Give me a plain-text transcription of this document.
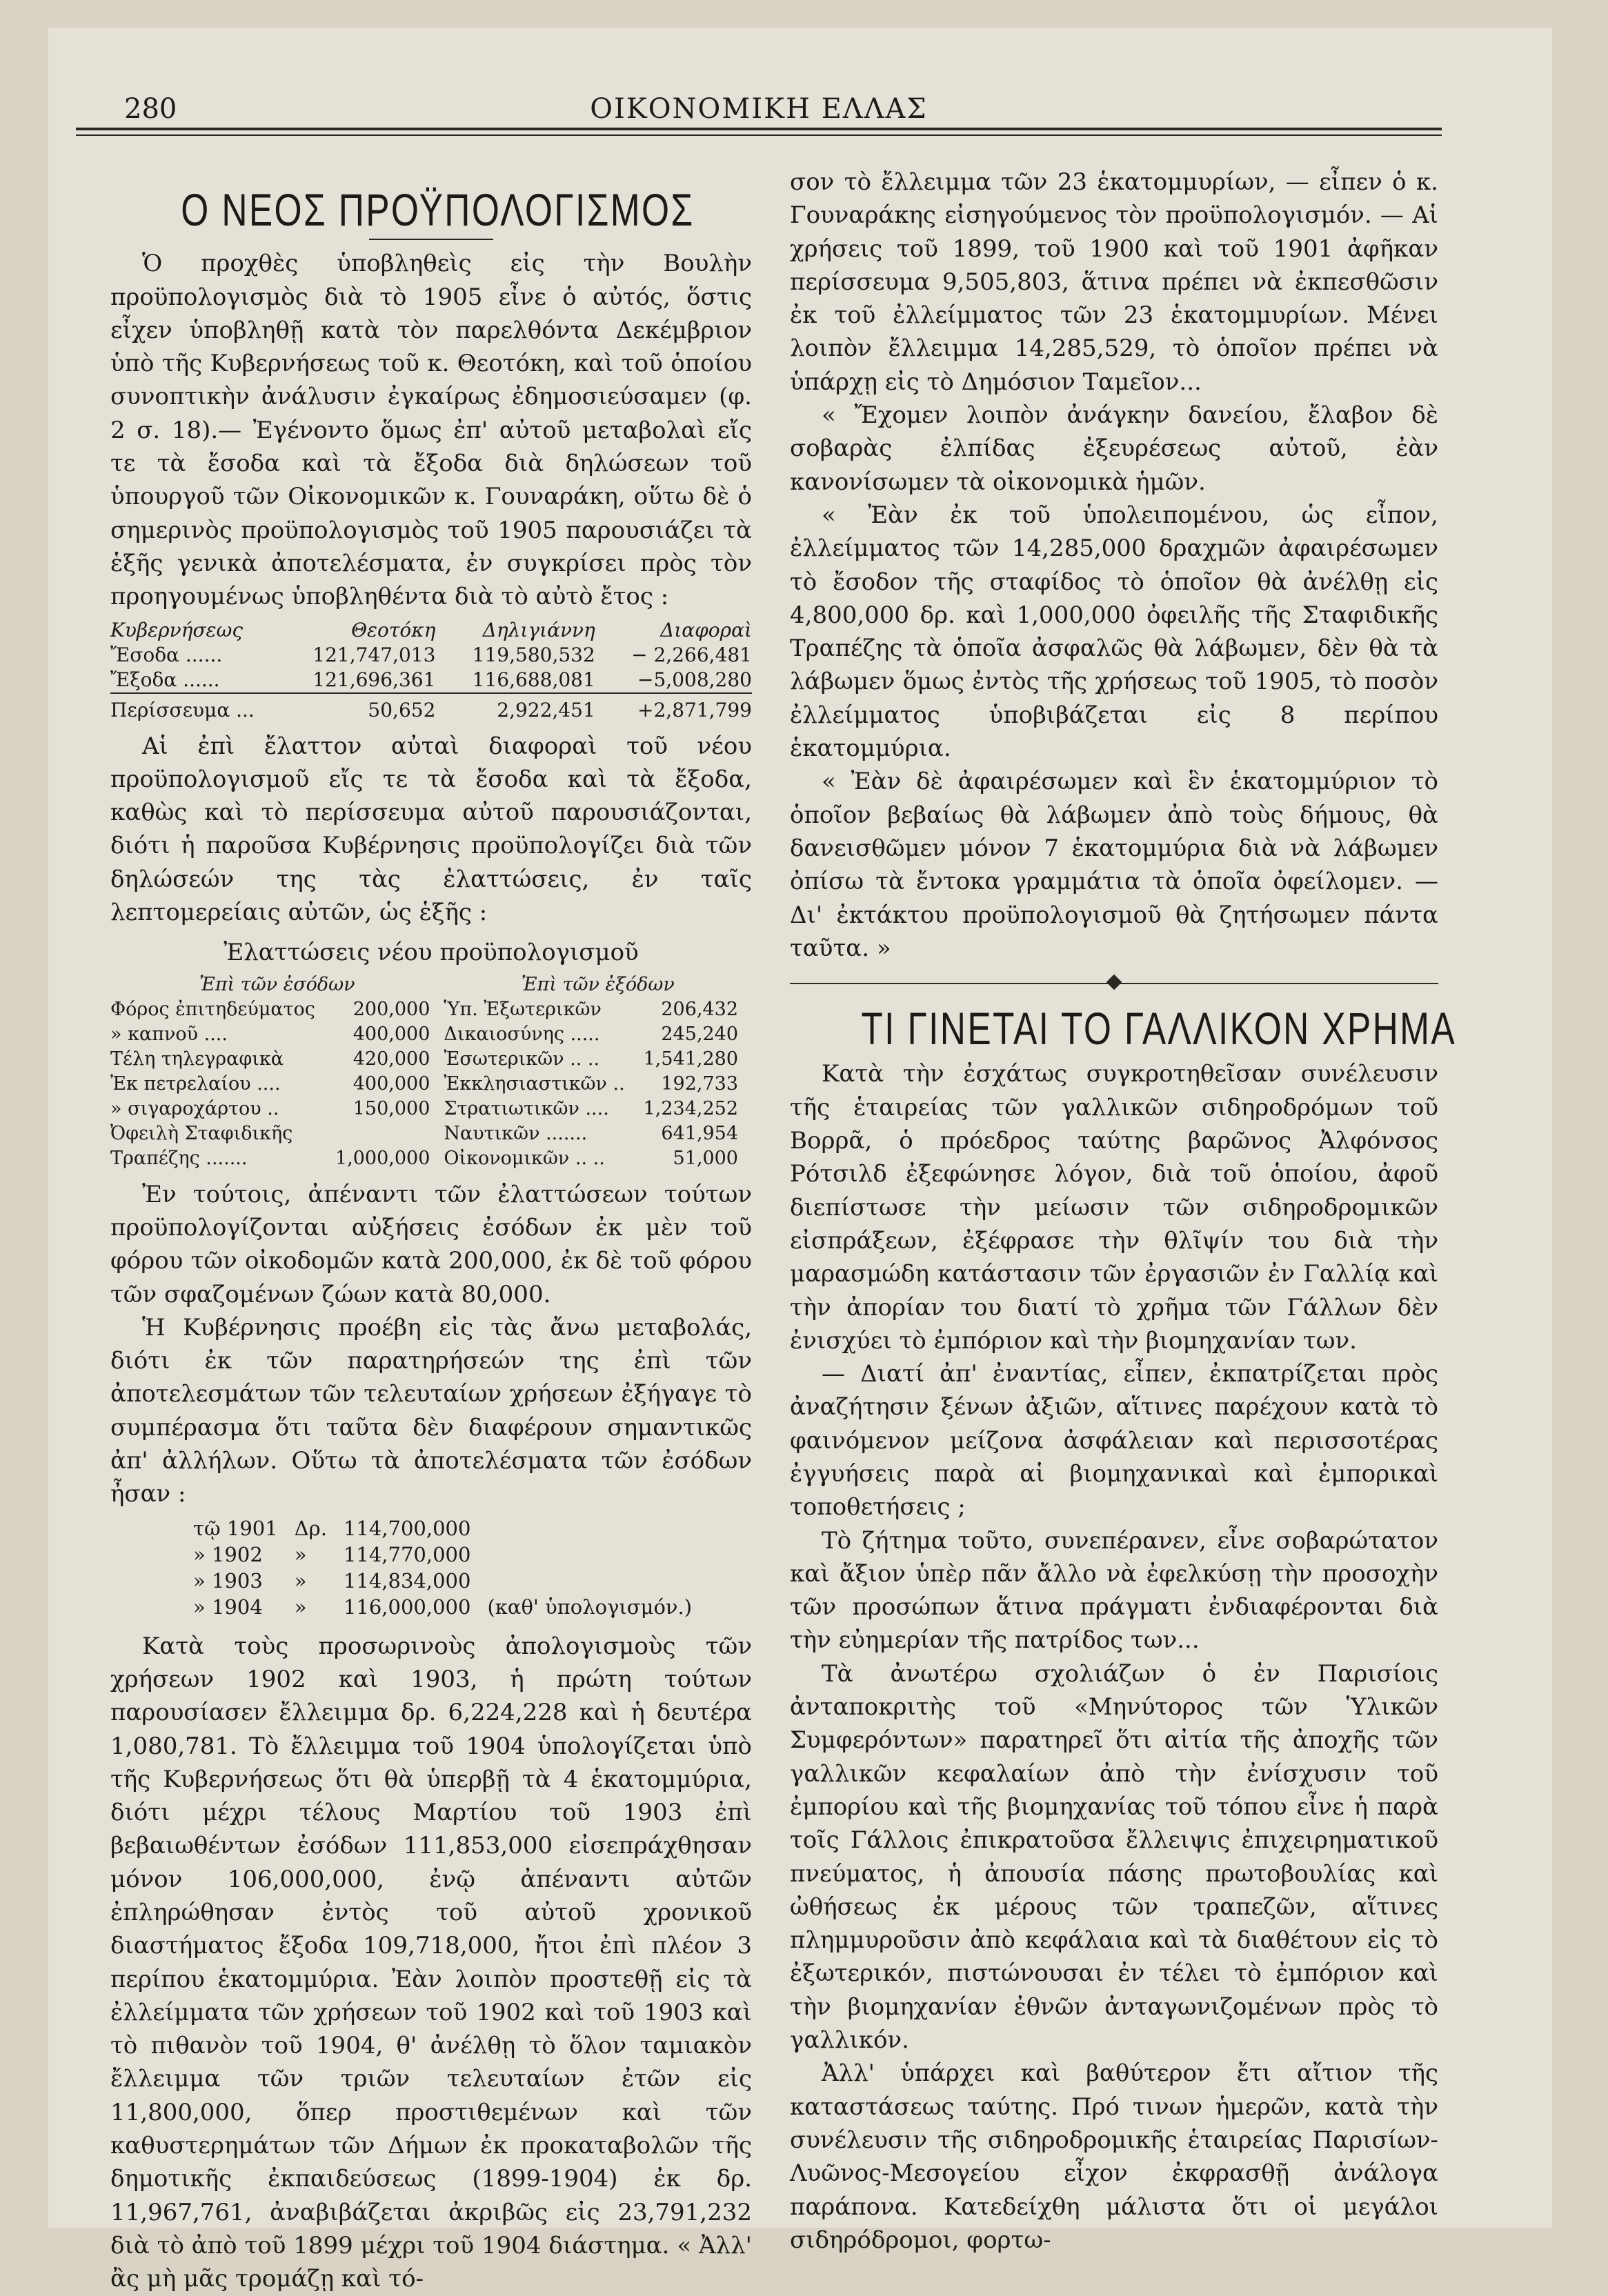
280	ΟΙΚΟΝΟΜΙΚΗ ΕΛΛΑΣ
Ο ΝΕΟΣ ΠΡΟΫΠΟΛΟΓΙΣΜΟΣ

Ὁ προχθὲς ὑποβληθεὶς εἰς τὴν Βουλὴν προϋπολογισμὸς διὰ τὸ 1905 εἶνε ὁ αὐτός, ὅστις εἶχεν ὑποβληθῇ κατὰ τὸν παρελθόντα Δεκέμβριον ὑπὸ τῆς Κυβερνήσεως τοῦ κ. Θεοτόκη, καὶ τοῦ ὁποίου συνοπτικὴν ἀνάλυσιν ἐγκαίρως ἐδημοσιεύσαμεν (φ. 2 σ. 18).— Ἐγένοντο ὅμως ἐπ' αὐτοῦ μεταβολαὶ εἴς τε τὰ ἔσοδα καὶ τὰ ἔξοδα διὰ δηλώσεων τοῦ ὑπουργοῦ τῶν Οἰκονομικῶν κ. Γουναράκη, οὕτω δὲ ὁ σημερινὸς προϋπολογισμὸς τοῦ 1905 παρουσιάζει τὰ ἑξῆς γενικὰ ἀποτελέσματα, ἐν συγκρίσει πρὸς τὸν προηγουμένως ὑποβληθέντα διὰ τὸ αὐτὸ ἔτος :

Κυβερνήσεως	Θεοτόκη	Δηλιγιάννη	Διαφοραὶ
Ἔσοδα ......	121,747,013	119,580,532	− 2,266,481
Ἔξοδα ......	121,696,361	116,688,081	−5,008,280
Περίσσευμα ...	50,652	2,922,451	+2,871,799

Αἱ ἐπὶ ἔλαττον αὐταὶ διαφοραὶ τοῦ νέου προϋπολογισμοῦ εἴς τε τὰ ἔσοδα καὶ τὰ ἔξοδα, καθὼς καὶ τὸ περίσσευμα αὐτοῦ παρουσιάζονται, διότι ἡ παροῦσα Κυβέρνησις προϋπολογίζει διὰ τῶν δηλώσεών της τὰς ἐλαττώσεις, ἐν ταῖς λεπτομερείαις αὐτῶν, ὡς ἑξῆς :

Ἐλαττώσεις νέου προϋπολογισμοῦ
Ἐπὶ τῶν ἐσόδων		Ἐπὶ τῶν ἐξόδων	
Φόρος ἐπιτηδεύματος	200,000	Ὑπ. Ἐξωτερικῶν	206,432
» καπνοῦ ....	400,000	Δικαιοσύνης .....	245,240
Τέλη τηλεγραφικὰ	420,000	Ἐσωτερικῶν .. ..	1,541,280
Ἐκ πετρελαίου ....	400,000	Ἐκκλησιαστικῶν ..	192,733
» σιγαροχάρτου ..	150,000	Στρατιωτικῶν ....	1,234,252
Ὀφειλὴ Σταφιδικῆς		Ναυτικῶν .......	641,954
Τραπέζης .......	1,000,000	Οἰκονομικῶν .. ..	51,000

Ἐν τούτοις, ἀπέναντι τῶν ἐλαττώσεων τούτων προϋπολογίζονται αὐξήσεις ἐσόδων ἐκ μὲν τοῦ φόρου τῶν οἰκοδομῶν κατὰ 200,000, ἐκ δὲ τοῦ φόρου τῶν σφαζομένων ζώων κατὰ 80,000.

Ἡ Κυβέρνησις προέβη εἰς τὰς ἄνω μεταβολάς, διότι ἐκ τῶν παρατηρήσεών της ἐπὶ τῶν ἀποτελεσμάτων τῶν τελευταίων χρήσεων ἐξήγαγε τὸ συμπέρασμα ὅτι ταῦτα δὲν διαφέρουν σημαντικῶς ἀπ' ἀλλήλων. Οὕτω τὰ ἀποτελέσματα τῶν ἐσόδων ἦσαν :

τῷ 1901	Δρ.	114,700,000	
» 1902	»	114,770,000	
» 1903	»	114,834,000	
» 1904	»	116,000,000	(καθ' ὑπολογισμόν.)

Κατὰ τοὺς προσωρινοὺς ἀπολογισμοὺς τῶν χρήσεων 1902 καὶ 1903, ἡ πρώτη τούτων παρουσίασεν ἔλλειμμα δρ. 6,224,228 καὶ ἡ δευτέρα 1,080,781. Τὸ ἔλλειμμα τοῦ 1904 ὑπολογίζεται ὑπὸ τῆς Κυβερνήσεως ὅτι θὰ ὑπερβῇ τὰ 4 ἑκατομμύρια, διότι μέχρι τέλους Μαρτίου τοῦ 1903 ἐπὶ βεβαιωθέντων ἐσόδων 111,853,000 εἰσεπράχθησαν μόνον 106,000,000, ἐνῷ ἀπέναντι αὐτῶν ἐπληρώθησαν ἐντὸς τοῦ αὐτοῦ χρονικοῦ διαστήματος ἔξοδα 109,718,000, ἤτοι ἐπὶ πλέον 3 περίπου ἑκατομμύρια. Ἐὰν λοιπὸν προστεθῇ εἰς τὰ ἐλλείμματα τῶν χρήσεων τοῦ 1902 καὶ τοῦ 1903 καὶ τὸ πιθανὸν τοῦ 1904, θ' ἀνέλθῃ τὸ ὅλον ταμιακὸν ἔλλειμμα τῶν τριῶν τελευταίων ἐτῶν εἰς 11,800,000, ὅπερ προστιθεμένων καὶ τῶν καθυστερημάτων τῶν Δήμων ἐκ προκαταβολῶν τῆς δημοτικῆς ἐκπαιδεύσεως (1899-1904) ἐκ δρ. 11,967,761, ἀναβιβάζεται ἀκριβῶς εἰς 23,791,232 διὰ τὸ ἀπὸ τοῦ 1899 μέχρι τοῦ 1904 διάστημα. « Ἀλλ' ἂς μὴ μᾶς τρομάζῃ καὶ τό-

σον τὸ ἔλλειμμα τῶν 23 ἑκατομμυρίων, — εἶπεν ὁ κ. Γουναράκης εἰσηγούμενος τὸν προϋπολογισμόν. — Αἱ χρήσεις τοῦ 1899, τοῦ 1900 καὶ τοῦ 1901 ἀφῆκαν περίσσευμα 9,505,803, ἅτινα πρέπει νὰ ἐκπεσθῶσιν ἐκ τοῦ ἐλλείμματος τῶν 23 ἑκατομμυρίων. Μένει λοιπὸν ἔλλειμμα 14,285,529, τὸ ὁποῖον πρέπει νὰ ὑπάρχῃ εἰς τὸ Δημόσιον Ταμεῖον...

« Ἔχομεν λοιπὸν ἀνάγκην δανείου, ἔλαβον δὲ σοβαρὰς ἐλπίδας ἐξευρέσεως αὐτοῦ, ἐὰν κανονίσωμεν τὰ οἰκονομικὰ ἡμῶν.

« Ἐὰν ἐκ τοῦ ὑπολειπομένου, ὡς εἶπον, ἐλλείμματος τῶν 14,285,000 δραχμῶν ἀφαιρέσωμεν τὸ ἔσοδον τῆς σταφίδος τὸ ὁποῖον θὰ ἀνέλθῃ εἰς 4,800,000 δρ. καὶ 1,000,000 ὀφειλῆς τῆς Σταφιδικῆς Τραπέζης τὰ ὁποῖα ἀσφαλῶς θὰ λάβωμεν, δὲν θὰ τὰ λάβωμεν ὅμως ἐντὸς τῆς χρήσεως τοῦ 1905, τὸ ποσὸν ἐλλείμματος ὑποβιβάζεται εἰς 8 περίπου ἑκατομμύρια.

« Ἐὰν δὲ ἀφαιρέσωμεν καὶ ἓν ἑκατομμύριον τὸ ὁποῖον βεβαίως θὰ λάβωμεν ἀπὸ τοὺς δήμους, θὰ δανεισθῶμεν μόνον 7 ἑκατομμύρια διὰ νὰ λάβωμεν ὀπίσω τὰ ἔντοκα γραμμάτια τὰ ὁποῖα ὀφείλομεν. — Δι' ἐκτάκτου προϋπολογισμοῦ θὰ ζητήσωμεν πάντα ταῦτα. »

ΤΙ ΓΙΝΕΤΑΙ ΤΟ ΓΑΛΛΙΚΟΝ ΧΡΗΜΑ

Κατὰ τὴν ἐσχάτως συγκροτηθεῖσαν συνέλευσιν τῆς ἑταιρείας τῶν γαλλικῶν σιδηροδρόμων τοῦ Βορρᾶ, ὁ πρόεδρος ταύτης βαρῶνος Ἀλφόνσος Ρότσιλδ ἐξεφώνησε λόγον, διὰ τοῦ ὁποίου, ἀφοῦ διεπίστωσε τὴν μείωσιν τῶν σιδηροδρομικῶν εἰσπράξεων, ἐξέφρασε τὴν θλῖψίν του διὰ τὴν μαρασμώδη κατάστασιν τῶν ἐργασιῶν ἐν Γαλλίᾳ καὶ τὴν ἀπορίαν του διατί τὸ χρῆμα τῶν Γάλλων δὲν ἐνισχύει τὸ ἐμπόριον καὶ τὴν βιομηχανίαν των.

— Διατί ἀπ' ἐναντίας, εἶπεν, ἐκπατρίζεται πρὸς ἀναζήτησιν ξένων ἀξιῶν, αἵτινες παρέχουν κατὰ τὸ φαινόμενον μείζονα ἀσφάλειαν καὶ περισσοτέρας ἐγγυήσεις παρὰ αἱ βιομηχανικαὶ καὶ ἐμπορικαὶ τοποθετήσεις ;

Τὸ ζήτημα τοῦτο, συνεπέρανεν, εἶνε σοβαρώτατον καὶ ἄξιον ὑπὲρ πᾶν ἄλλο νὰ ἐφελκύσῃ τὴν προσοχὴν τῶν προσώπων ἅτινα πράγματι ἐνδιαφέρονται διὰ τὴν εὐημερίαν τῆς πατρίδος των...

Τὰ ἀνωτέρω σχολιάζων ὁ ἐν Παρισίοις ἀνταποκριτὴς τοῦ «Μηνύτορος τῶν Ὑλικῶν Συμφερόντων» παρατηρεῖ ὅτι αἰτία τῆς ἀποχῆς τῶν γαλλικῶν κεφαλαίων ἀπὸ τὴν ἐνίσχυσιν τοῦ ἐμπορίου καὶ τῆς βιομηχανίας τοῦ τόπου εἶνε ἡ παρὰ τοῖς Γάλλοις ἐπικρατοῦσα ἔλλειψις ἐπιχειρηματικοῦ πνεύματος, ἡ ἀπουσία πάσης πρωτοβουλίας καὶ ὠθήσεως ἐκ μέρους τῶν τραπεζῶν, αἵτινες πλημμυροῦσιν ἀπὸ κεφάλαια καὶ τὰ διαθέτουν εἰς τὸ ἐξωτερικόν, πιστώνουσαι ἐν τέλει τὸ ἐμπόριον καὶ τὴν βιομηχανίαν ἐθνῶν ἀνταγωνιζομένων πρὸς τὸ γαλλικόν.

Ἀλλ' ὑπάρχει καὶ βαθύτερον ἔτι αἴτιον τῆς καταστάσεως ταύτης. Πρό τινων ἡμερῶν, κατὰ τὴν συνέλευσιν τῆς σιδηροδρομικῆς ἑταιρείας Παρισίων-Λυῶνος-Μεσογείου εἶχον ἐκφρασθῇ ἀνάλογα παράπονα. Κατεδείχθη μάλιστα ὅτι οἱ μεγάλοι σιδηρόδρομοι, φορτω-
